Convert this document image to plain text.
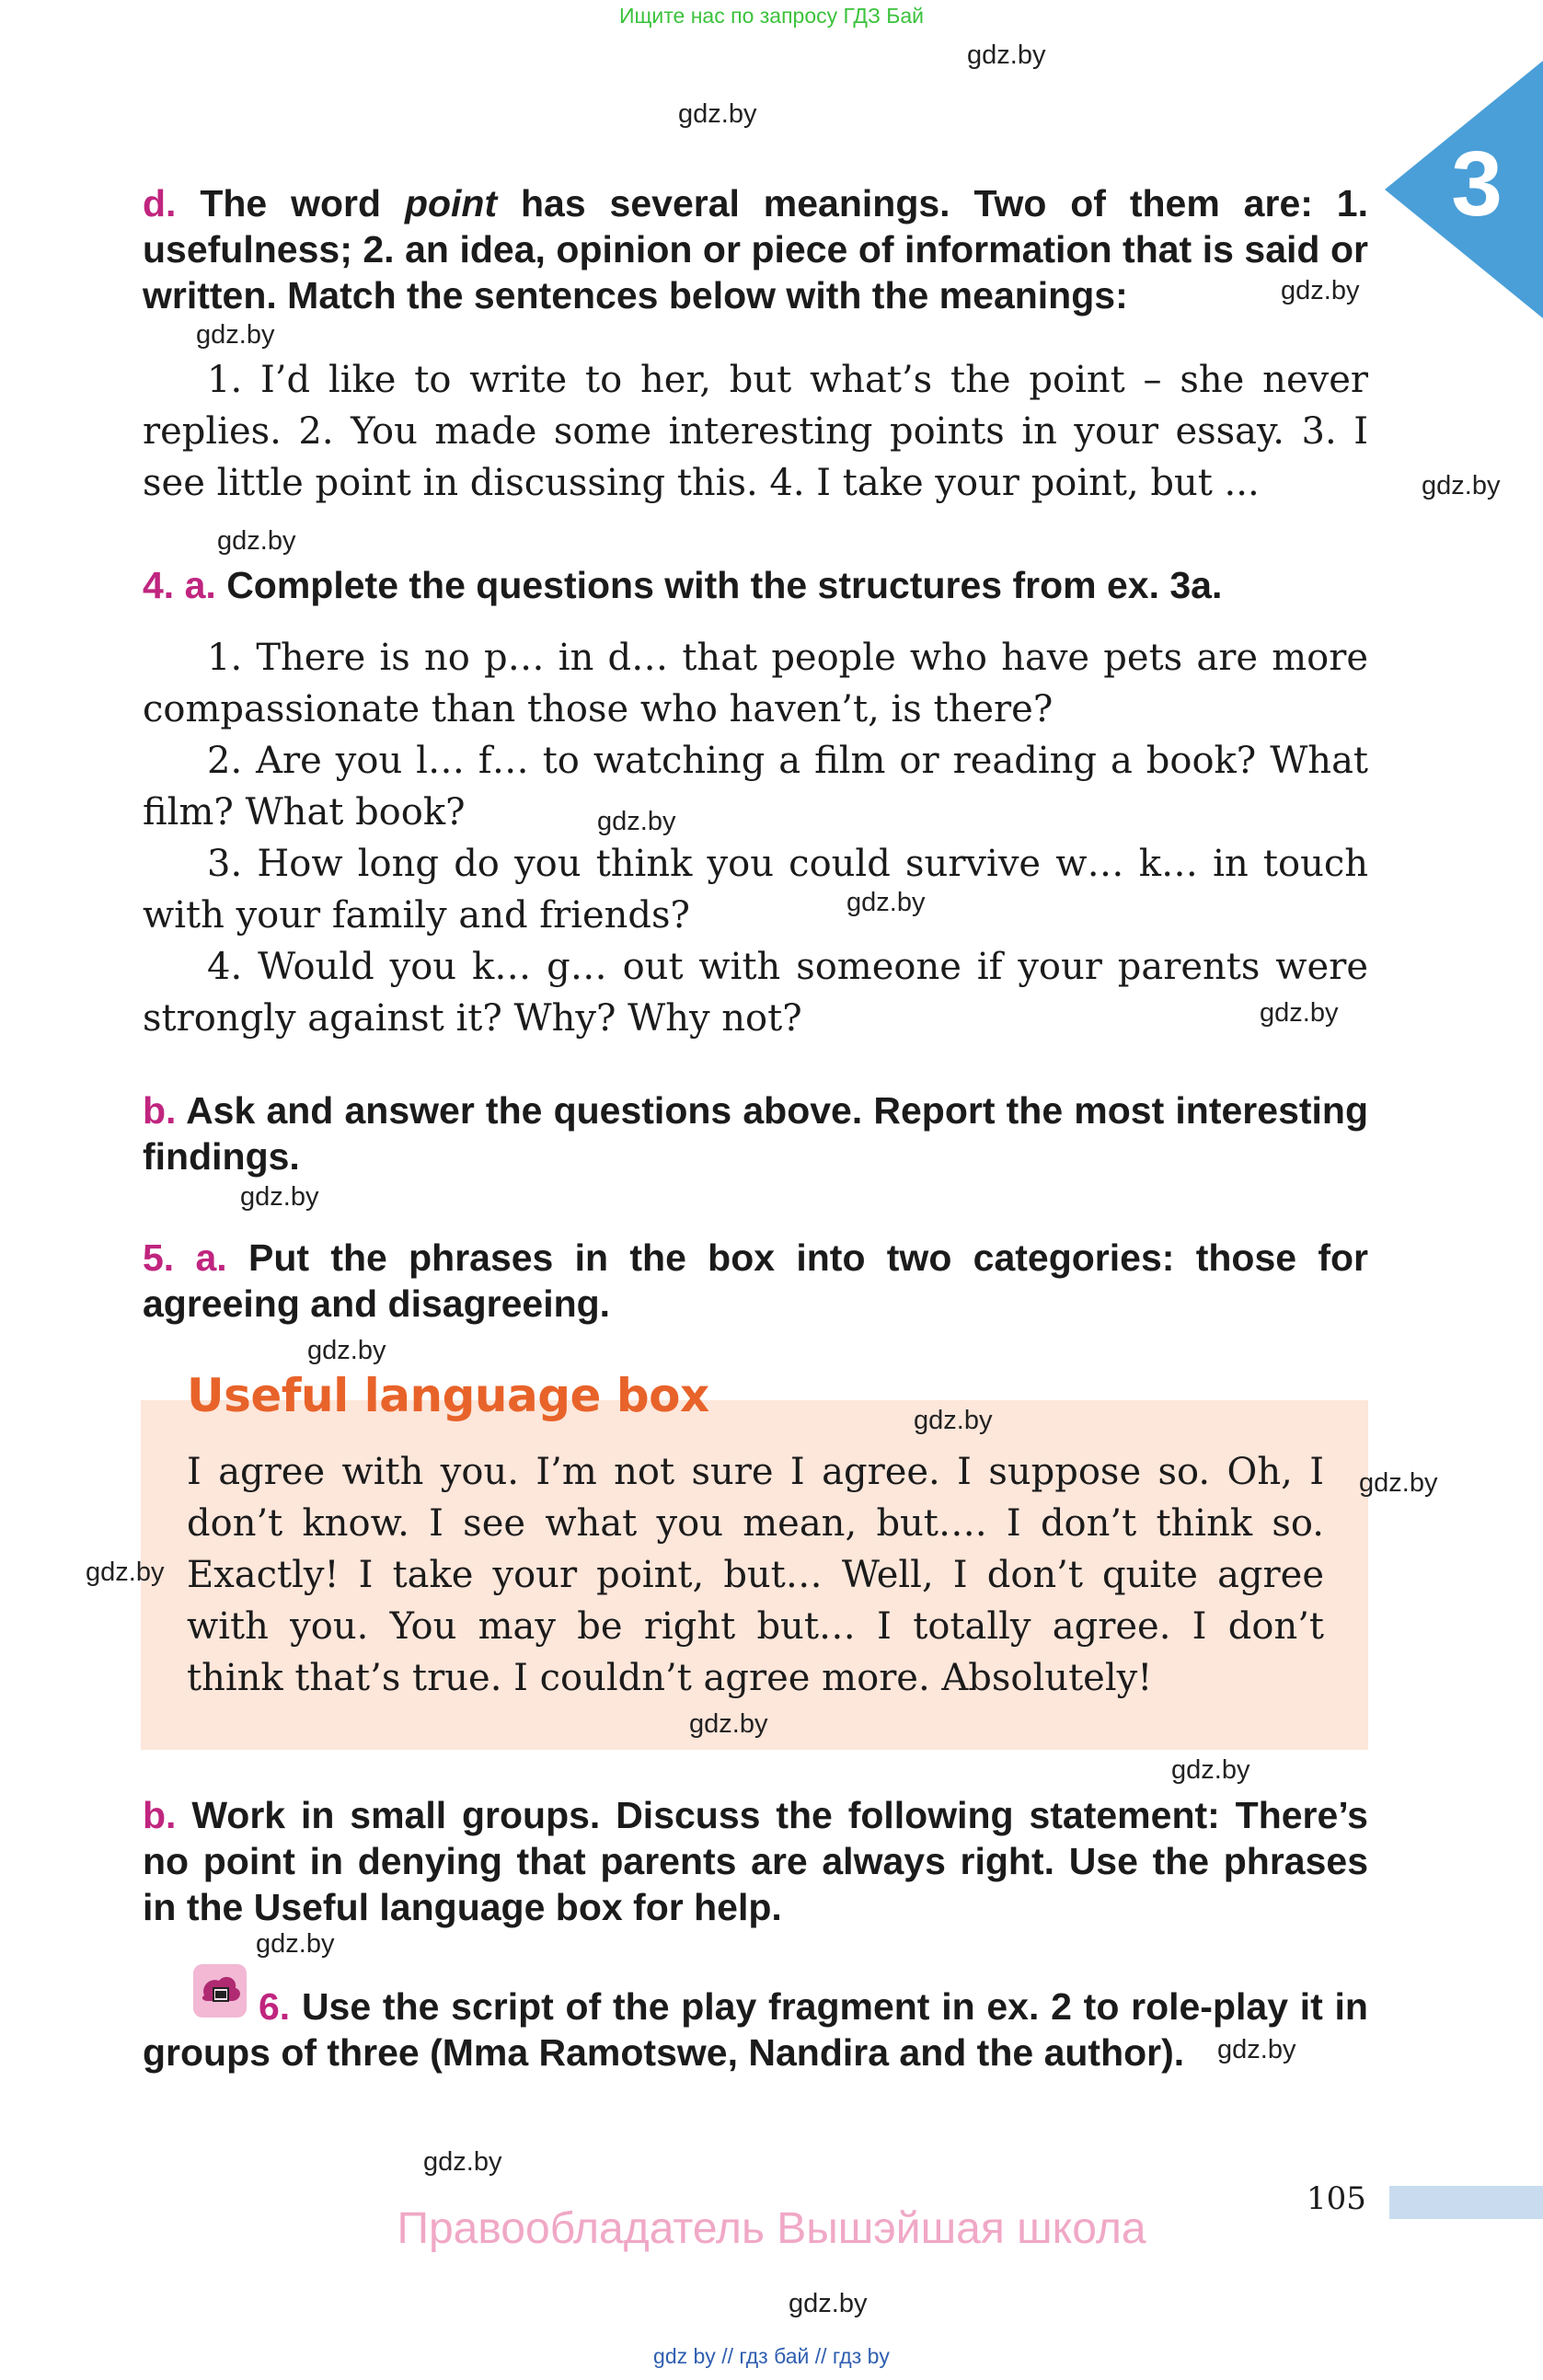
Ищите нас по запросу ГДЗ Бай
3
d. The word point has several meanings. Two of them are: 1. usefulness; 2. an idea, opinion or piece of information that is said or written. Match the sentences below with the meanings:

1. I’d like to write to her, but what’s the point – she never replies. 2. You made some interesting points in your essay. 3. I see little point in discussing this. 4. I take your point, but ...

4. a. Complete the questions with the structures from ex. 3a.

1. There is no p… in d… that people who have pets are more compassionate than those who haven’t, is there?

2. Are you l… f… to watching a film or reading a book? What film? What book?

3. How long do you think you could survive w… k… in touch with your family and friends?

4. Would you k… g… out with someone if your parents were strongly against it? Why? Why not?

b. Ask and answer the questions above. Report the most interesting findings.
5. a. Put the phrases in the box into two categories: those for agreeing and disagreeing.
Useful language box
I agree with you. I’m not sure I agree. I suppose so. Oh, I don’t know. I see what you mean, but…. I don’t think so. Exactly! I take your point, but… Well, I don’t quite agree with you. You may be right but… I totally agree. I don’t think that’s true. I couldn’t agree more. Absolutely!
b. Work in small groups. Discuss the following statement: There’s no point in denying that parents are always right. Use the phrases in the Useful language box for help.
6. Use the script of the play fragment in ex. 2 to role-play it in groups of three (Mma Ramotswe, Nandira and the author).
gdz.by
gdz.by
gdz.by
gdz.by
gdz.by
gdz.by
gdz.by
gdz.by
gdz.by
gdz.by
gdz.by
gdz.by
gdz.by
gdz.by
gdz.by
gdz.by
gdz.by
gdz.by
gdz.by
gdz.by
105
Правообладатель Вышэйшая школа
gdz by // гдз бай // гдз by
